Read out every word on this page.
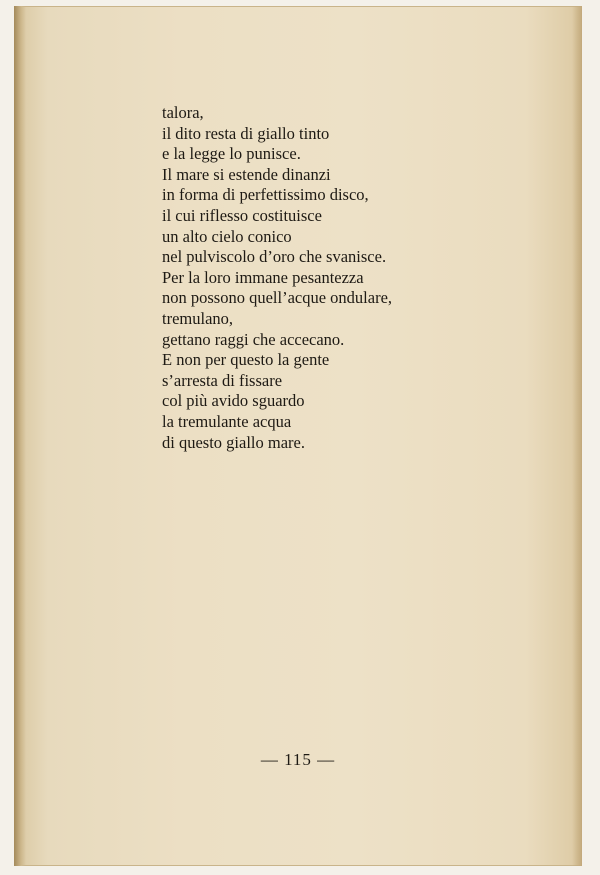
talora,
il dito resta di giallo tinto
e la legge lo punisce.
Il mare si estende dinanzi
in forma di perfettissimo disco,
il cui riflesso costituisce
un alto cielo conico
nel pulviscolo d’oro che svanisce.
Per la loro immane pesantezza
non possono quell’acque ondulare,
tremulano,
gettano raggi che accecano.
E non per questo la gente
s’arresta di fissare
col più avido sguardo
la tremulante acqua
di questo giallo mare.
— 115 —
